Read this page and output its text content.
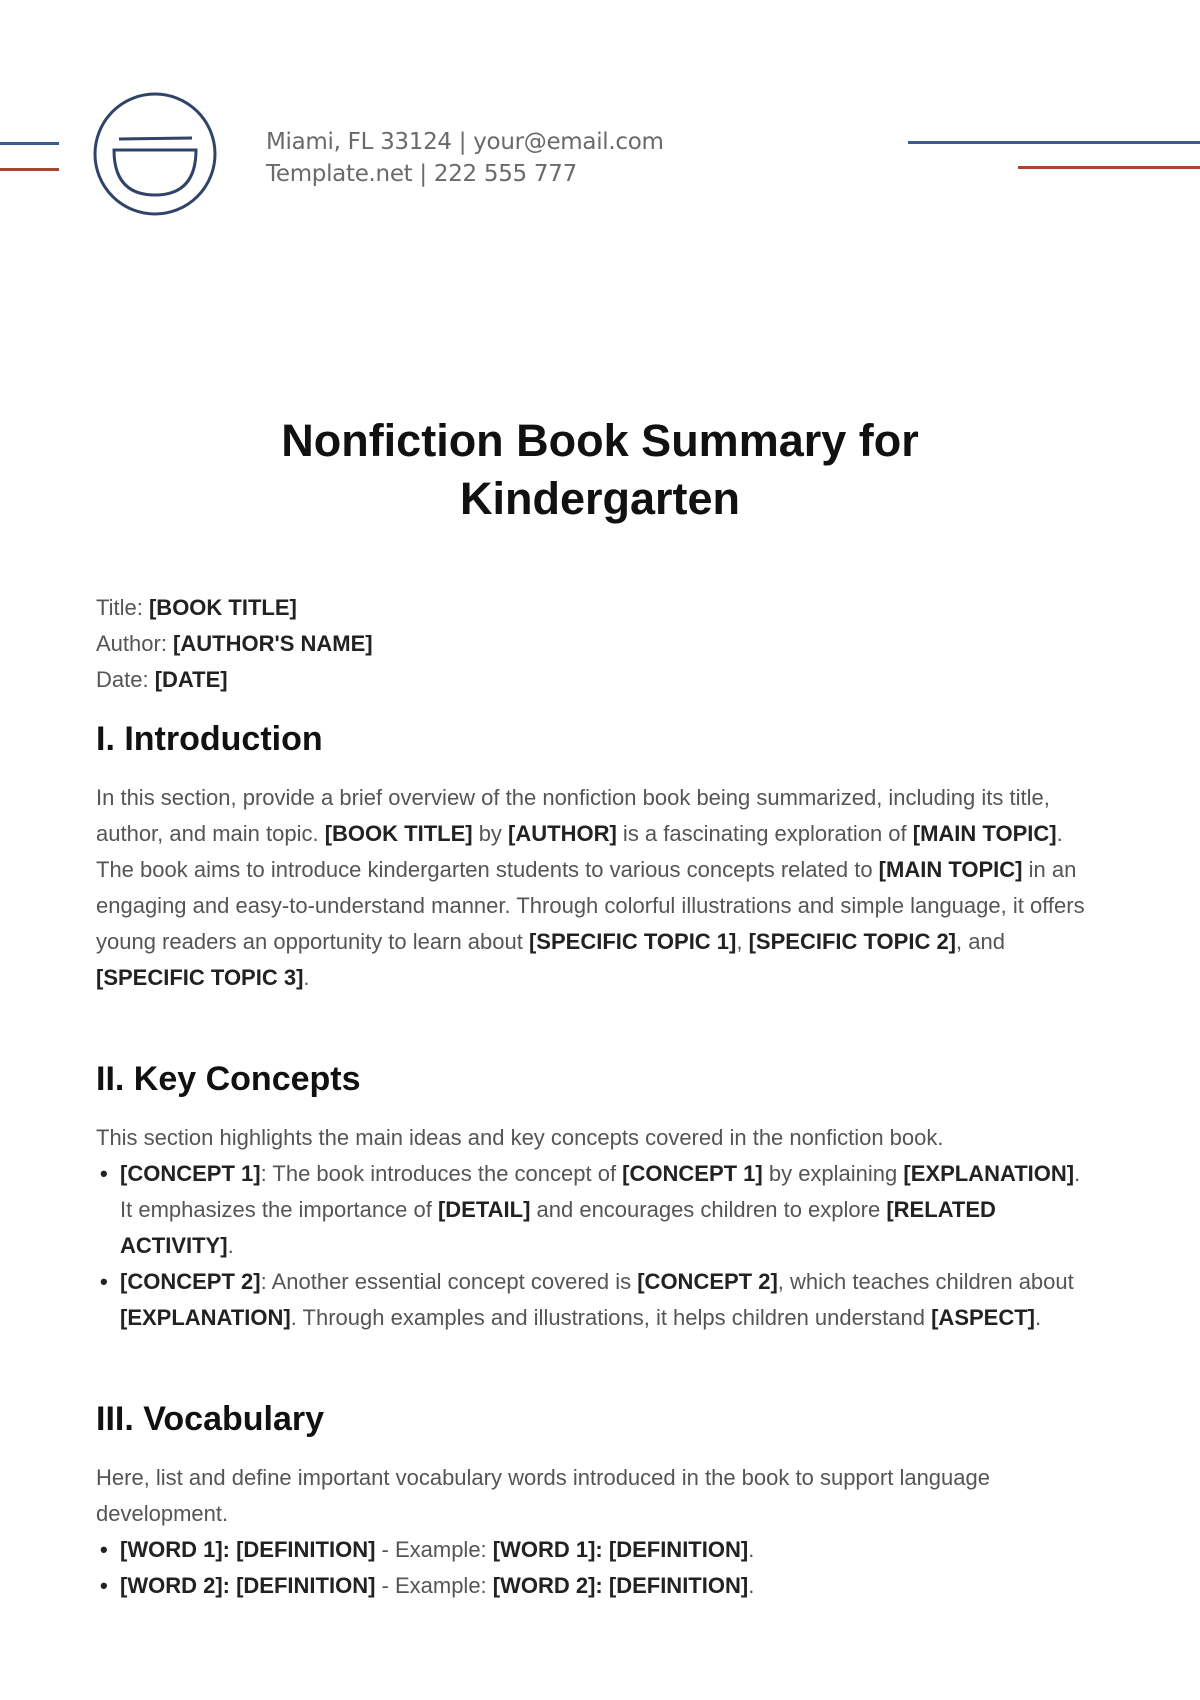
Miami, FL 33124 | your@email.com
Template.net | 222 555 777
Nonfiction Book Summary for
Kindergarten

Title: [BOOK TITLE]

Author: [AUTHOR'S NAME]

Date: [DATE]

I. Introduction

In this section, provide a brief overview of the nonfiction book being summarized, including its title, author, and main topic. [BOOK TITLE] by [AUTHOR] is a fascinating exploration of [MAIN TOPIC]. The book aims to introduce kindergarten students to various concepts related to [MAIN TOPIC] in an engaging and easy-to-understand manner. Through colorful illustrations and simple language, it offers young readers an opportunity to learn about [SPECIFIC TOPIC 1], [SPECIFIC TOPIC 2], and [SPECIFIC TOPIC 3].

II. Key Concepts

This section highlights the main ideas and key concepts covered in the nonfiction book.

• [CONCEPT 1]: The book introduces the concept of [CONCEPT 1] by explaining [EXPLANATION]. It emphasizes the importance of [DETAIL] and encourages children to explore [RELATED ACTIVITY].
• [CONCEPT 2]: Another essential concept covered is [CONCEPT 2], which teaches children about [EXPLANATION]. Through examples and illustrations, it helps children understand [ASPECT].
III. Vocabulary

Here, list and define important vocabulary words introduced in the book to support language development.

• [WORD 1]: [DEFINITION] - Example: [WORD 1]: [DEFINITION].
• [WORD 2]: [DEFINITION] - Example: [WORD 2]: [DEFINITION].
